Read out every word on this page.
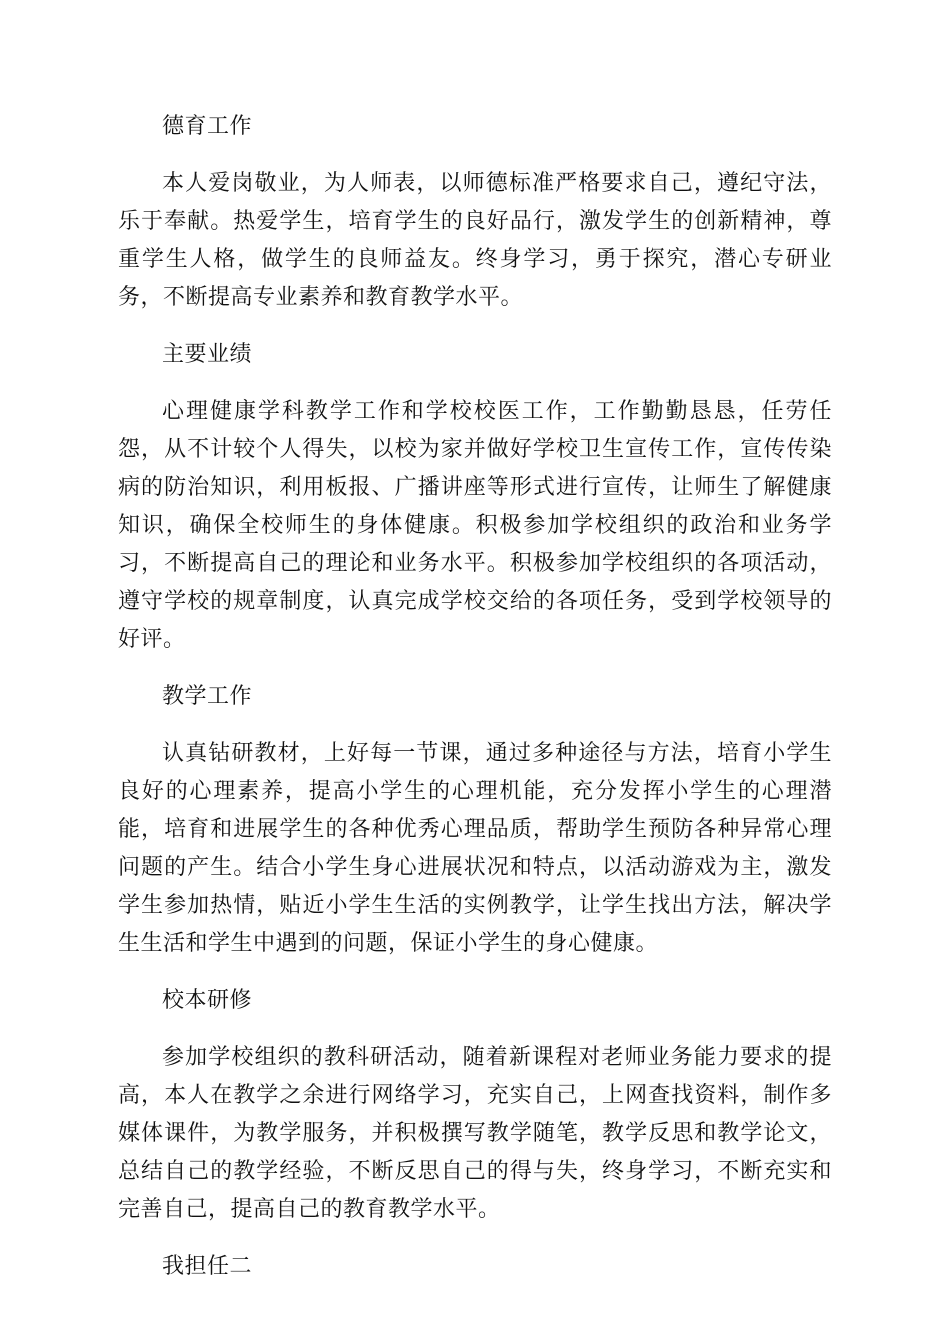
德育工作

本人爱岗敬业，为人师表，以师德标准严格要求自己，遵纪守法，乐于奉献。热爱学生，培育学生的良好品行，激发学生的创新精神，尊重学生人格，做学生的良师益友。终身学习，勇于探究，潜心专研业务，不断提高专业素养和教育教学水平。

主要业绩

心理健康学科教学工作和学校校医工作，工作勤勤恳恳，任劳任怨，从不计较个人得失，以校为家并做好学校卫生宣传工作，宣传传染病的防治知识，利用板报、广播讲座等形式进行宣传，让师生了解健康知识，确保全校师生的身体健康。积极参加学校组织的政治和业务学习，不断提高自己的理论和业务水平。积极参加学校组织的各项活动，遵守学校的规章制度，认真完成学校交给的各项任务，受到学校领导的好评。

教学工作

认真钻研教材，上好每一节课，通过多种途径与方法，培育小学生良好的心理素养，提高小学生的心理机能，充分发挥小学生的心理潜能，培育和进展学生的各种优秀心理品质，帮助学生预防各种异常心理问题的产生。结合小学生身心进展状况和特点，以活动游戏为主，激发学生参加热情，贴近小学生生活的实例教学，让学生找出方法，解决学生生活和学生中遇到的问题，保证小学生的身心健康。

校本研修

参加学校组织的教科研活动，随着新课程对老师业务能力要求的提高，本人在教学之余进行网络学习，充实自己，上网查找资料，制作多媒体课件，为教学服务，并积极撰写教学随笔，教学反思和教学论文，总结自己的教学经验，不断反思自己的得与失，终身学习，不断充实和完善自己，提高自己的教育教学水平。

我担任二
